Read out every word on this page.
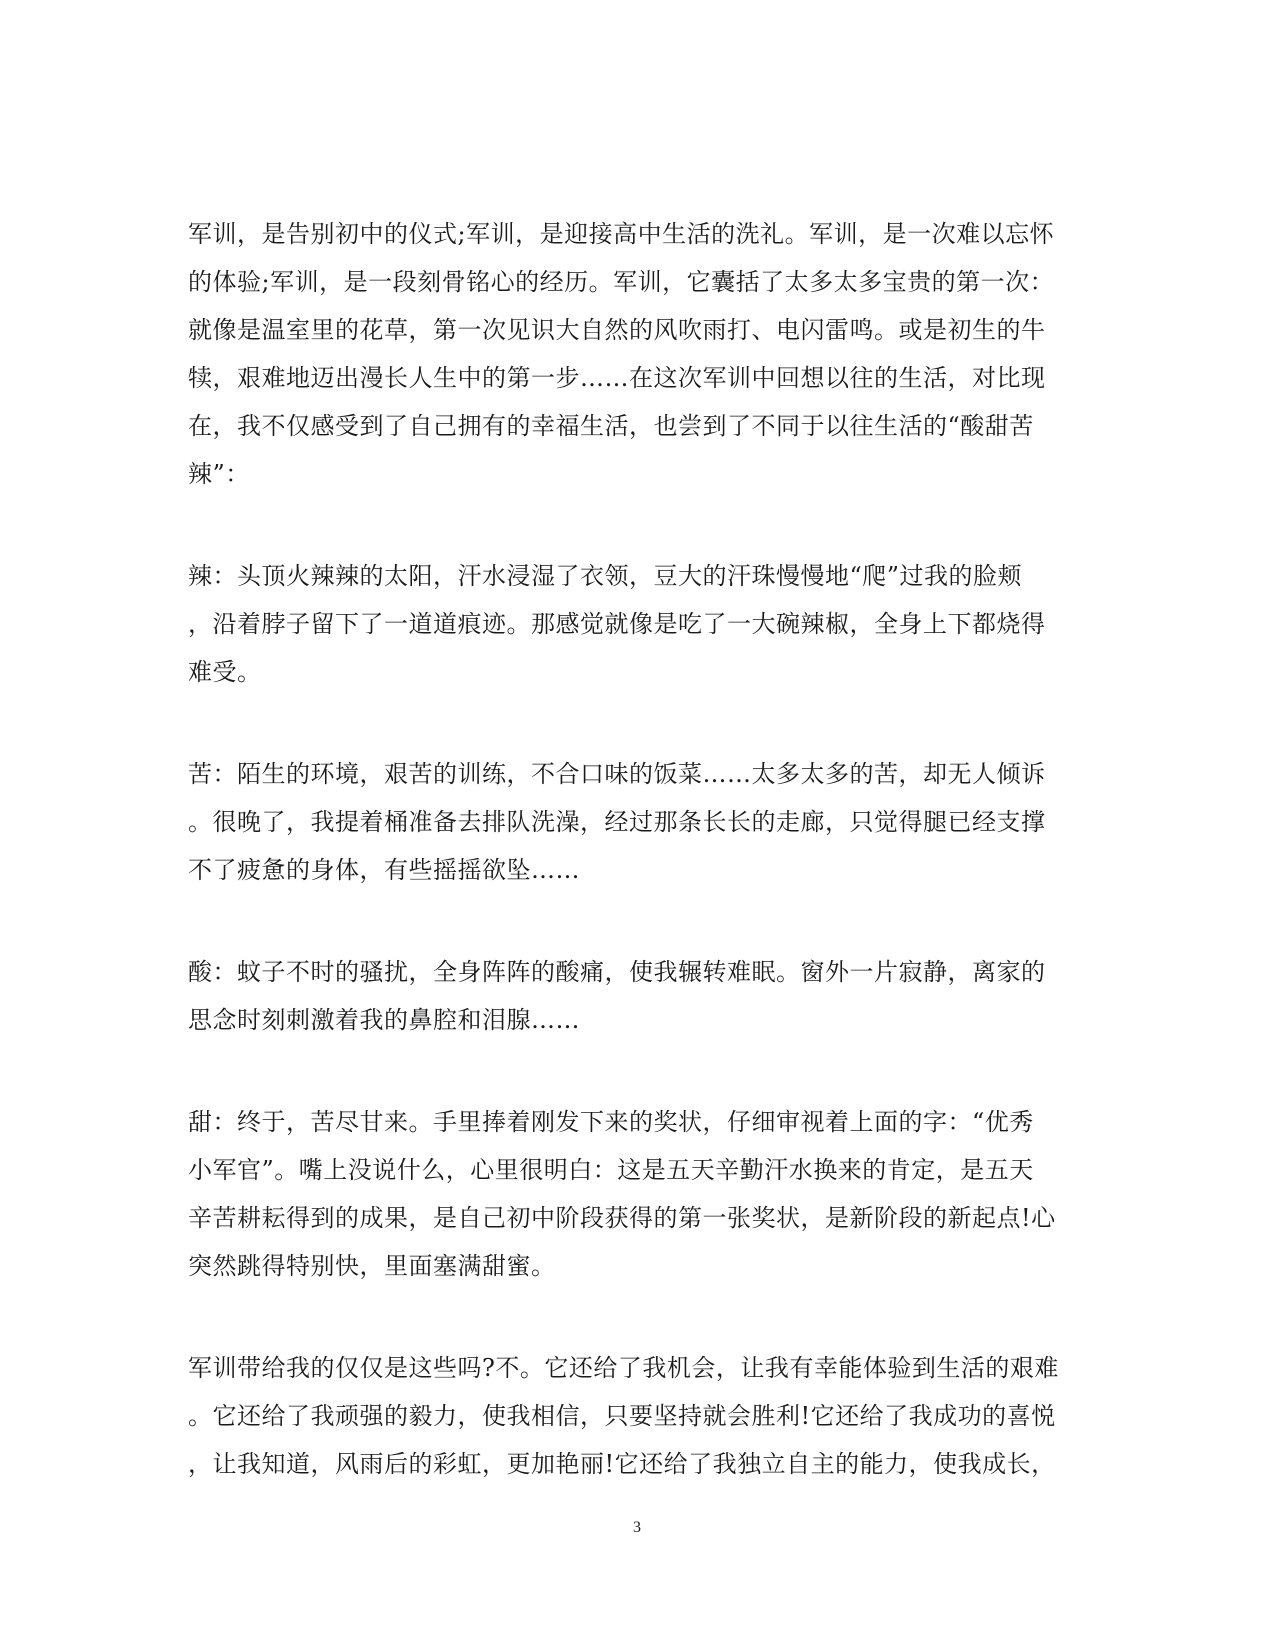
军训，是告别初中的仪式;军训，是迎接高中生活的洗礼。军训，是一次难以忘怀
的体验;军训，是一段刻骨铭心的经历。军训，它囊括了太多太多宝贵的第一次：
就像是温室里的花草，第一次见识大自然的风吹雨打、电闪雷鸣。或是初生的牛
犊，艰难地迈出漫长人生中的第一步……在这次军训中回想以往的生活，对比现
在，我不仅感受到了自己拥有的幸福生活，也尝到了不同于以往生活的“酸甜苦
辣”：

辣：头顶火辣辣的太阳，汗水浸湿了衣领，豆大的汗珠慢慢地“爬”过我的脸颊
，沿着脖子留下了一道道痕迹。那感觉就像是吃了一大碗辣椒，全身上下都烧得
难受。

苦：陌生的环境，艰苦的训练，不合口味的饭菜……太多太多的苦，却无人倾诉
。很晚了，我提着桶准备去排队洗澡，经过那条长长的走廊，只觉得腿已经支撑
不了疲惫的身体，有些摇摇欲坠……

酸：蚊子不时的骚扰，全身阵阵的酸痛，使我辗转难眠。窗外一片寂静，离家的
思念时刻刺激着我的鼻腔和泪腺……

甜：终于，苦尽甘来。手里捧着刚发下来的奖状，仔细审视着上面的字：“优秀
小军官”。嘴上没说什么，心里很明白：这是五天辛勤汗水换来的肯定，是五天
辛苦耕耘得到的成果，是自己初中阶段获得的第一张奖状，是新阶段的新起点!心
突然跳得特别快，里面塞满甜蜜。

军训带给我的仅仅是这些吗?不。它还给了我机会，让我有幸能体验到生活的艰难
。它还给了我顽强的毅力，使我相信，只要坚持就会胜利!它还给了我成功的喜悦
，让我知道，风雨后的彩虹，更加艳丽!它还给了我独立自主的能力，使我成长，

3
